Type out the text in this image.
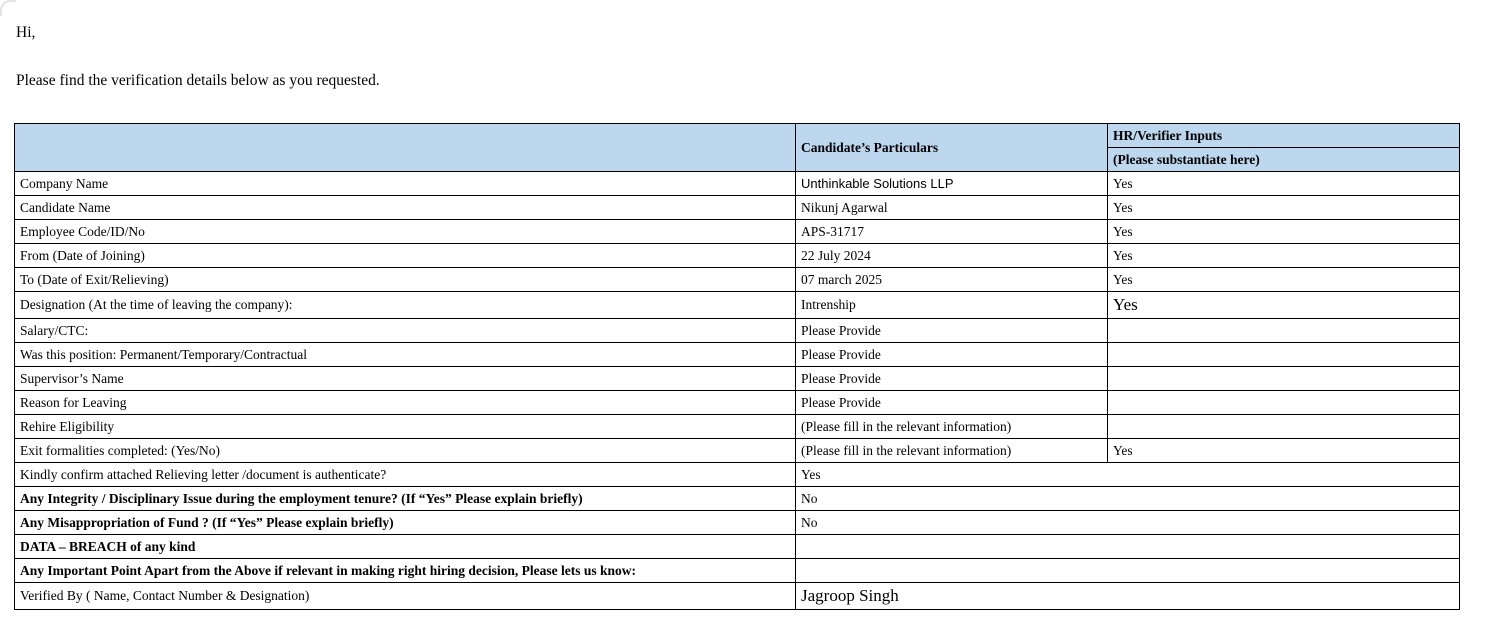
Hi,

Please find the verification details below as you requested.

	Candidate’s Particulars	HR/Verifier Inputs
		(Please substantiate here)
Company Name	Unthinkable Solutions LLP	Yes
Candidate Name	Nikunj Agarwal	Yes
Employee Code/ID/No	APS-31717	Yes
From (Date of Joining)	22 July 2024	Yes
To (Date of Exit/Relieving)	07 march 2025	Yes
Designation (At the time of leaving the company):	Intrenship	Yes
Salary/CTC:	Please Provide	
Was this position: Permanent/Temporary/Contractual	Please Provide	
Supervisor’s Name	Please Provide	
Reason for Leaving	Please Provide	
Rehire Eligibility	(Please fill in the relevant information)	
Exit formalities completed: (Yes/No)	(Please fill in the relevant information)	Yes
Kindly confirm attached Relieving letter /document is authenticate?	Yes	
Any Integrity / Disciplinary Issue during the employment tenure? (If “Yes” Please explain briefly)	No	
Any Misappropriation of Fund ? (If “Yes” Please explain briefly)	No	
DATA – BREACH of any kind		
Any Important Point Apart from the Above if relevant in making right hiring decision, Please lets us know:		
Verified By ( Name, Contact Number & Designation)	Jagroop Singh	
